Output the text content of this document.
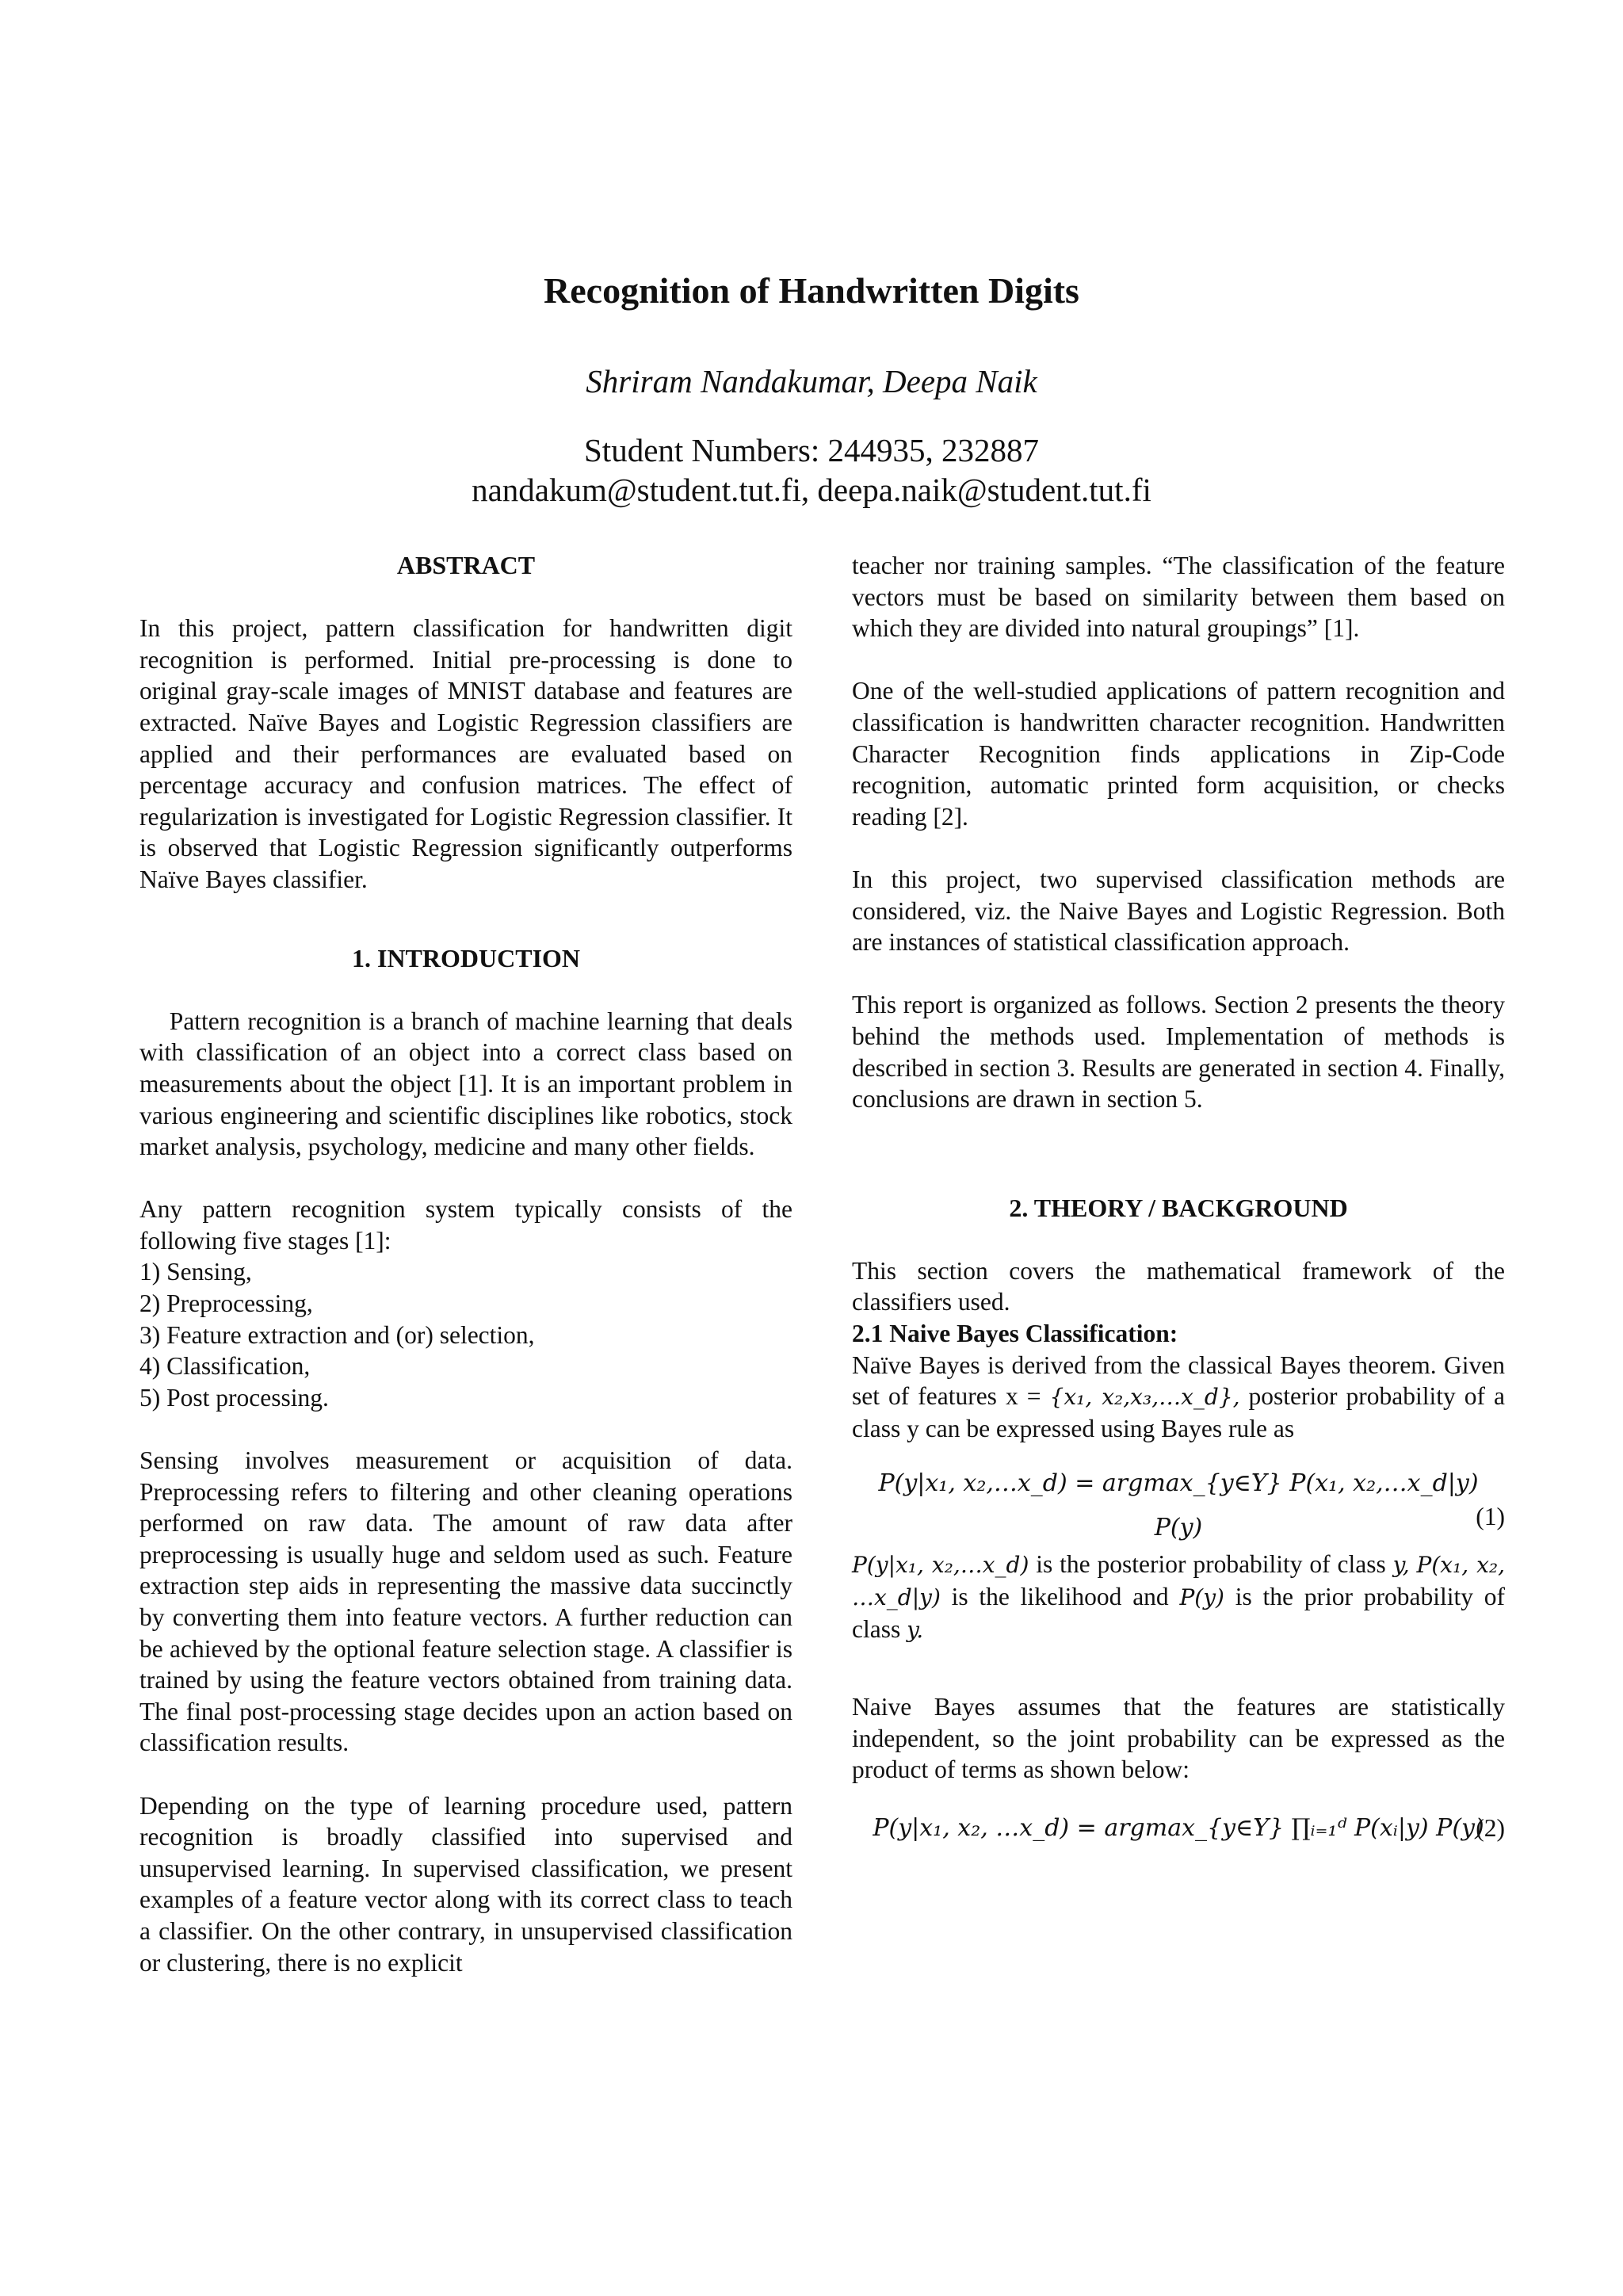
Recognition of Handwritten Digits
Shriram Nandakumar, Deepa Naik
Student Numbers: 244935, 232887
nandakum@student.tut.fi, deepa.naik@student.tut.fi

ABSTRACT

In this project, pattern classification for handwritten digit recognition is performed. Initial pre-processing is done to original gray-scale images of MNIST database and features are extracted. Naïve Bayes and Logistic Regression classifiers are applied and their performances are evaluated based on percentage accuracy and confusion matrices. The effect of regularization is investigated for Logistic Regression classifier. It is observed that Logistic Regression significantly outperforms Naïve Bayes classifier.

1. INTRODUCTION

Pattern recognition is a branch of machine learning that deals with classification of an object into a correct class based on measurements about the object [1]. It is an important problem in various engineering and scientific disciplines like robotics, stock market analysis, psychology, medicine and many other fields.

Any pattern recognition system typically consists of the following five stages [1]:

1) Sensing,

2) Preprocessing,

3) Feature extraction and (or) selection,

4) Classification,

5) Post processing.

Sensing involves measurement or acquisition of data. Preprocessing refers to filtering and other cleaning operations performed on raw data. The amount of raw data after preprocessing is usually huge and seldom used as such. Feature extraction step aids in representing the massive data succinctly by converting them into feature vectors. A further reduction can be achieved by the optional feature selection stage. A classifier is trained by using the feature vectors obtained from training data. The final post-processing stage decides upon an action based on classification results.

Depending on the type of learning procedure used, pattern recognition is broadly classified into supervised and unsupervised learning. In supervised classification, we present examples of a feature vector along with its correct class to teach a classifier. On the other contrary, in unsupervised classification or clustering, there is no explicit

teacher nor training samples. “The classification of the feature vectors must be based on similarity between them based on which they are divided into natural groupings” [1].

One of the well-studied applications of pattern recognition and classification is handwritten character recognition. Handwritten Character Recognition finds applications in Zip-Code recognition, automatic printed form acquisition, or checks reading [2].

In this project, two supervised classification methods are considered, viz. the Naive Bayes and Logistic Regression. Both are instances of statistical classification approach.

This report is organized as follows. Section 2 presents the theory behind the methods used. Implementation of methods is described in section 3. Results are generated in section 4. Finally, conclusions are drawn in section 5.

2. THEORY / BACKGROUND

This section covers the mathematical framework of the classifiers used.

2.1 Naive Bayes Classification:

Naïve Bayes is derived from the classical Bayes theorem. Given set of features x = {x₁, x₂,x₃,…x_d}, posterior probability of a class y can be expressed using Bayes rule as

P(y|x₁, x₂,…x_d) = argmax_{y∈Y} P(x₁, x₂,…x_d|y) P(y)	(1)

P(y|x₁, x₂,…x_d) is the posterior probability of class y, P(x₁, x₂, …x_d|y) is the likelihood and P(y) is the prior probability of class y.

Naive Bayes assumes that the features are statistically independent, so the joint probability can be expressed as the product of terms as shown below:

P(y|x₁, x₂, …x_d) = argmax_{y∈Y} ∏ᵢ₌₁ᵈ P(xᵢ|y) P(y)
(2)
